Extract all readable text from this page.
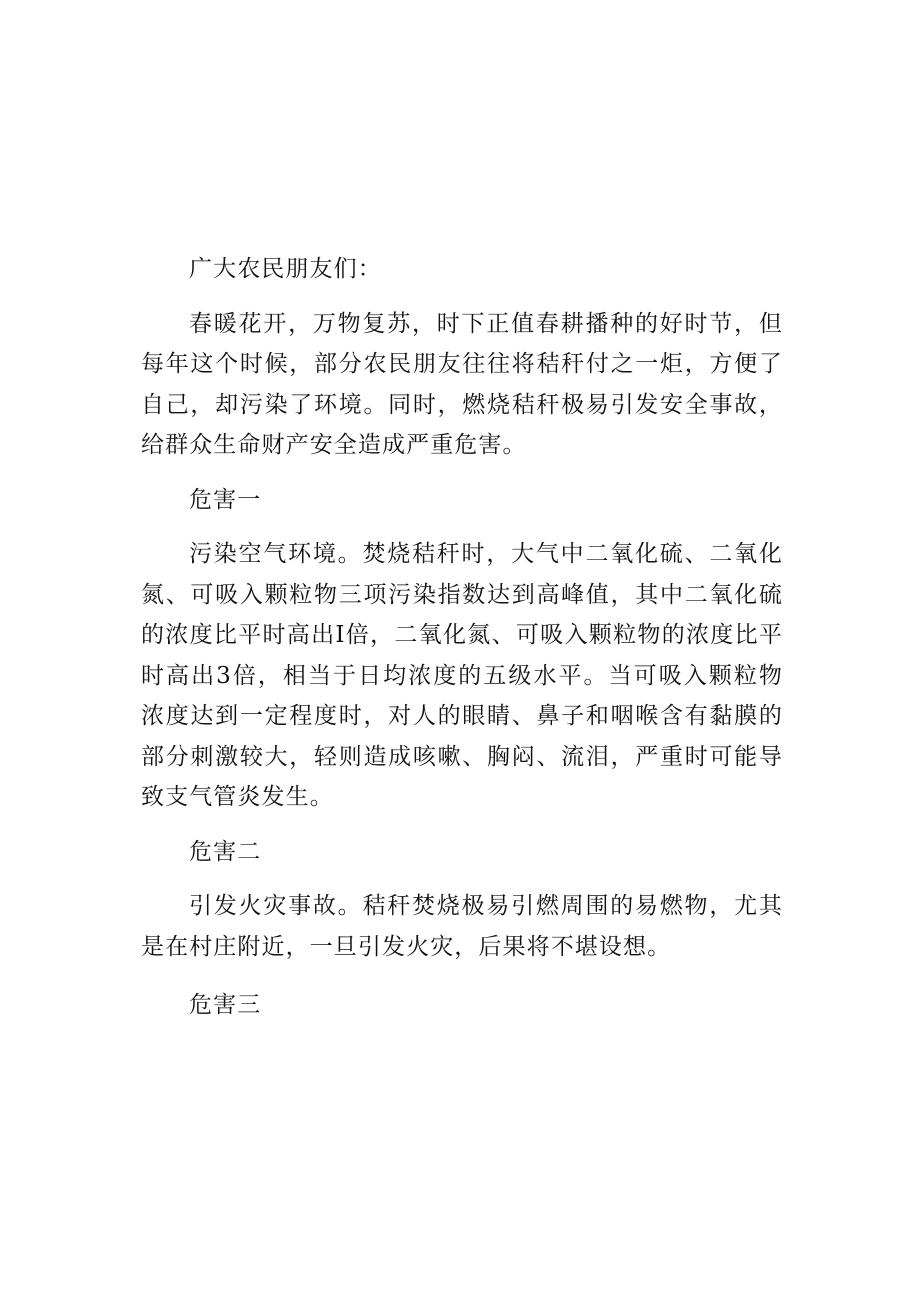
广大农民朋友们：

春暖花开，万物复苏，时下正值春耕播种的好时节，但每年这个时候，部分农民朋友往往将秸秆付之一炬，方便了自己，却污染了环境。同时，燃烧秸秆极易引发安全事故，给群众生命财产安全造成严重危害。

危害一

污染空气环境。焚烧秸秆时，大气中二氧化硫、二氧化氮、可吸入颗粒物三项污染指数达到高峰值，其中二氧化硫的浓度比平时高出I倍，二氧化氮、可吸入颗粒物的浓度比平时高出3倍，相当于日均浓度的五级水平。当可吸入颗粒物浓度达到一定程度时，对人的眼睛、鼻子和咽喉含有黏膜的部分刺激较大，轻则造成咳嗽、胸闷、流泪，严重时可能导致支气管炎发生。

危害二

引发火灾事故。秸秆焚烧极易引燃周围的易燃物，尤其是在村庄附近，一旦引发火灾，后果将不堪设想。

危害三
